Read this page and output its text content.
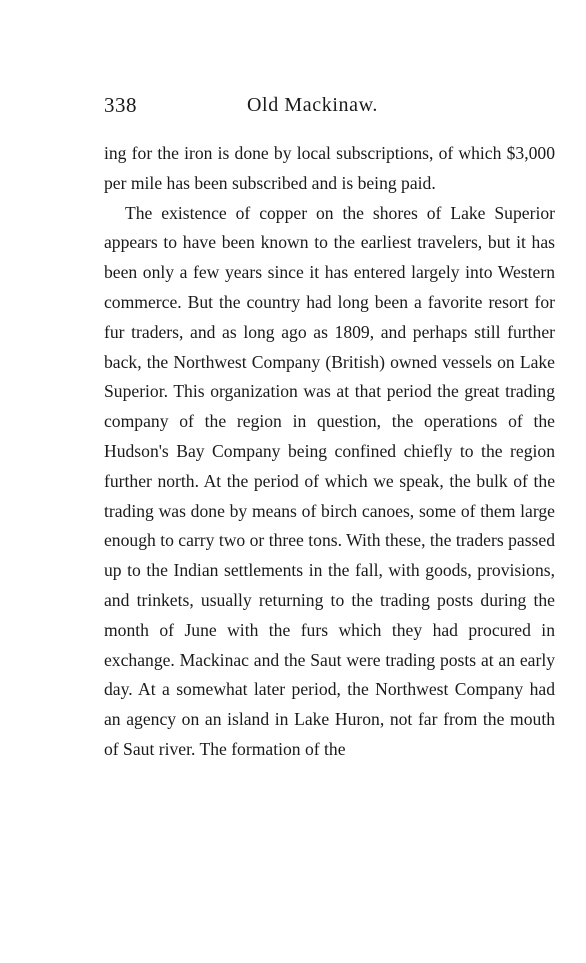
338	Old Mackinaw.

ing for the iron is done by local subscriptions, of which $3,000 per mile has been subscribed and is being paid.

The existence of copper on the shores of Lake Superior appears to have been known to the earliest travelers, but it has been only a few years since it has entered largely into Western commerce. But the country had long been a favorite resort for fur traders, and as long ago as 1809, and perhaps still further back, the Northwest Company (British) owned vessels on Lake Superior. This organization was at that period the great trading company of the region in question, the operations of the Hudson's Bay Company being confined chiefly to the region further north. At the period of which we speak, the bulk of the trading was done by means of birch canoes, some of them large enough to carry two or three tons. With these, the traders passed up to the Indian settlements in the fall, with goods, provisions, and trinkets, usually returning to the trading posts during the month of June with the furs which they had procured in exchange. Mackinac and the Saut were trading posts at an early day. At a somewhat later period, the Northwest Company had an agency on an island in Lake Huron, not far from the mouth of Saut river. The formation of the
